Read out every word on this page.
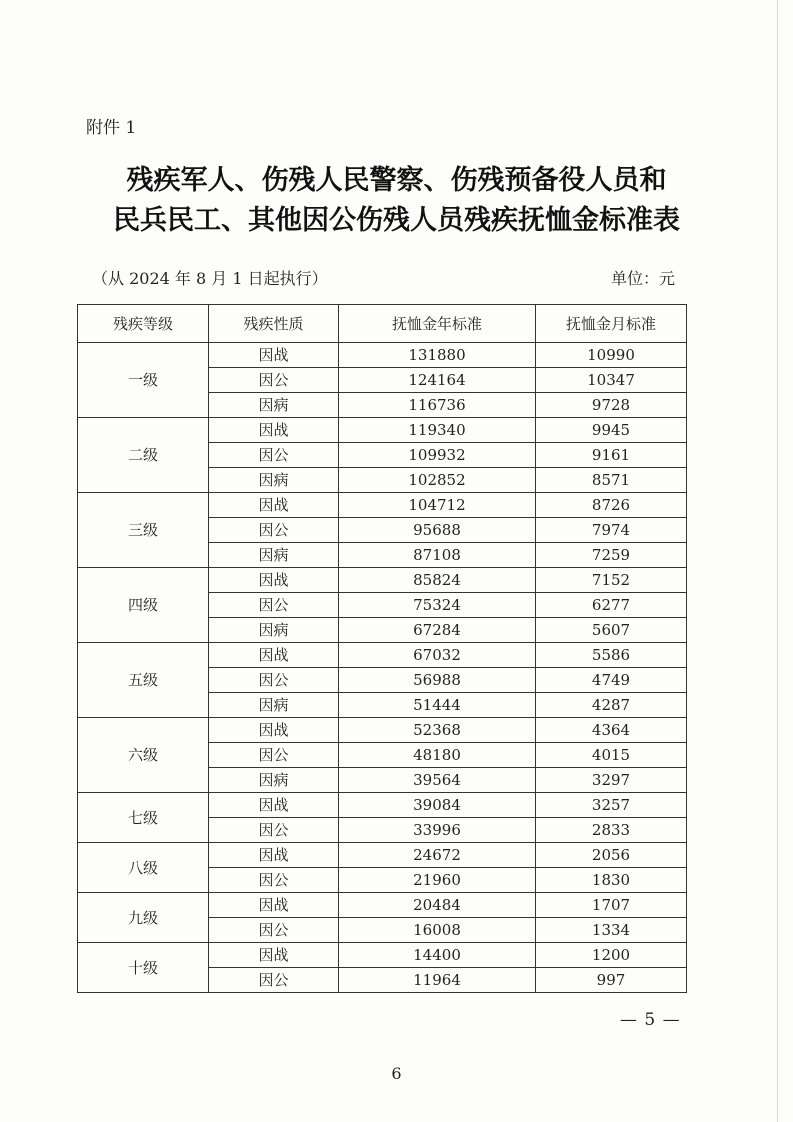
附件 1
残疾军人、伤残人民警察、伤残预备役人员和
民兵民工、其他因公伤残人员残疾抚恤金标准表
（从 2024 年 8 月 1 日起执行）	单位：元
残疾等级	残疾性质	抚恤金年标准	抚恤金月标准
一级	因战	131880	10990
	因公	124164	10347
	因病	116736	9728
二级	因战	119340	9945
	因公	109932	9161
	因病	102852	8571
三级	因战	104712	8726
	因公	95688	7974
	因病	87108	7259
四级	因战	85824	7152
	因公	75324	6277
	因病	67284	5607
五级	因战	67032	5586
	因公	56988	4749
	因病	51444	4287
六级	因战	52368	4364
	因公	48180	4015
	因病	39564	3297
七级	因战	39084	3257
	因公	33996	2833
八级	因战	24672	2056
	因公	21960	1830
九级	因战	20484	1707
	因公	16008	1334
十级	因战	14400	1200
	因公	11964	997
— 5 —
6
